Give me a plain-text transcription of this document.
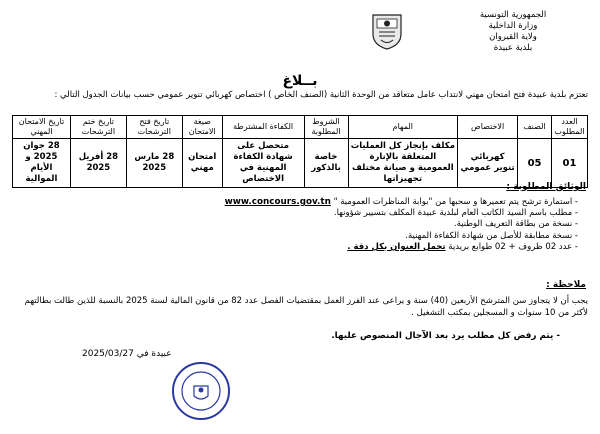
الجمهورية التونسية
وزارة الداخلية
ولاية القيروان
بلدية عبيدة
بــلاغ
تعتزم بلدية عبيدة فتح امتحان مهني لانتداب عامل متعاقد من الوحدة الثانية (الصنف الخاص ) اختصاص كهربائي تنوير عمومي حسب بيانات الجدول التالي :
العدد المطلوب	الصنف	الاختصاص	المهام	الشروط المطلوبة	الكفاءة المشترطة	صيغة الامتحان	تاريخ فتح الترشحات	تاريخ ختم الترشحات	تاريخ الامتحان المهني
01	05	كهربائي تنوير عمومي	مكلف بإنجاز كل العمليات المتعلقة بالإنارة العمومية و صيانة مختلف تجهيزاتها	خاصة بالذكور	متحصل على شهادة الكفاءة المهنية في الاختصاص	امتحان مهني	28 مارس 2025	28 أفريل 2025	28 جوان 2025 و الأيام الموالية
الوثائق المطلوبة :
- استمارة ترشح يتم تعميرها و سحبها من "بوابة المناظرات العمومية " www.concours.gov.tn
- مطلب باسم السيد الكاتب العام لبلدية عبيدة المكلف بتسيير شؤونها.
- نسخة من بطاقة التعريف الوطنية.
- نسخة مطابقة للأصل من شهادة الكفاءة المهنية.
- عدد 02 ظروف + 02 طوابع بريدية تحمل العنوان بكل دقة .
ملاحظة :
يجب أن لا يتجاوز سن المترشح الأربعين (40) سنة و يراعى عند الفرز العمل بمقتضيات الفصل عدد 82 من قانون المالية لسنة 2025 بالنسبة للذين طالت بطالتهم لأكثر من 10 سنوات و المسجلين بمكتب التشغيل .
- يتم رفض كل مطلب يرد بعد الآجال المنصوص عليها.
عبيدة في 2025/03/27
